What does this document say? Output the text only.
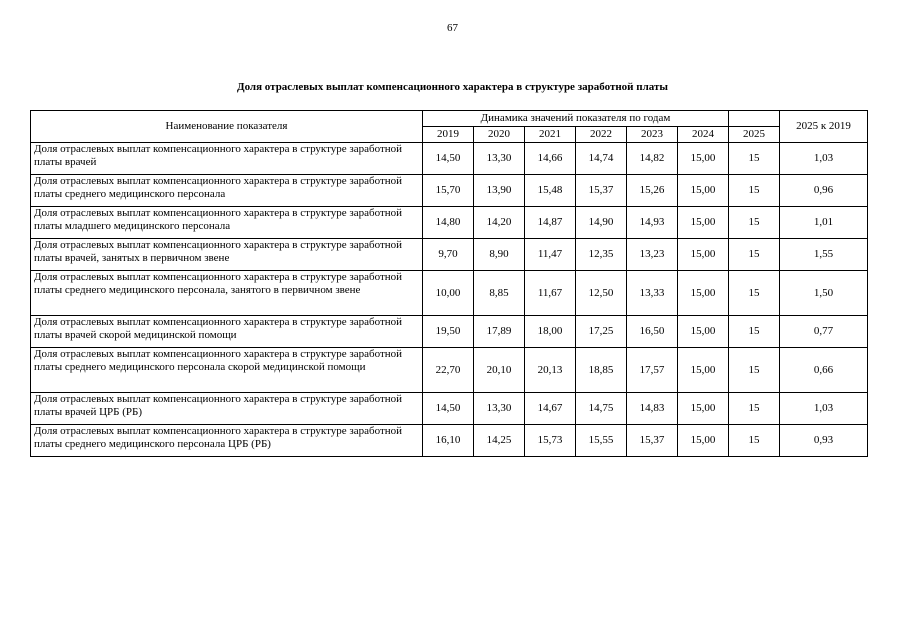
67
Доля отраслевых выплат компенсационного характера в структуре заработной платы
Наименование показателя	Динамика значений показателя по годам							2025 к 2019
	2019	2020	2021	2022	2023	2024	2025	
Доля отраслевых выплат компенсационного характера в структуре заработной платы врачей	14,50	13,30	14,66	14,74	14,82	15,00	15	1,03
Доля отраслевых выплат компенсационного характера в структуре заработной платы среднего медицинского персонала	15,70	13,90	15,48	15,37	15,26	15,00	15	0,96
Доля отраслевых выплат компенсационного характера в структуре заработной платы младшего медицинского персонала	14,80	14,20	14,87	14,90	14,93	15,00	15	1,01
Доля отраслевых выплат компенсационного характера в структуре заработной платы врачей, занятых в первичном звене	9,70	8,90	11,47	12,35	13,23	15,00	15	1,55
Доля отраслевых выплат компенсационного характера в структуре заработной платы среднего медицинского персонала, занятого в первичном звене	10,00	8,85	11,67	12,50	13,33	15,00	15	1,50
Доля отраслевых выплат компенсационного характера в структуре заработной платы врачей скорой медицинской помощи	19,50	17,89	18,00	17,25	16,50	15,00	15	0,77
Доля отраслевых выплат компенсационного характера в структуре заработной платы среднего медицинского персонала скорой медицинской помощи	22,70	20,10	20,13	18,85	17,57	15,00	15	0,66
Доля отраслевых выплат компенсационного характера в структуре заработной платы врачей ЦРБ (РБ)	14,50	13,30	14,67	14,75	14,83	15,00	15	1,03
Доля отраслевых выплат компенсационного характера в структуре заработной платы среднего медицинского персонала ЦРБ (РБ)	16,10	14,25	15,73	15,55	15,37	15,00	15	0,93
